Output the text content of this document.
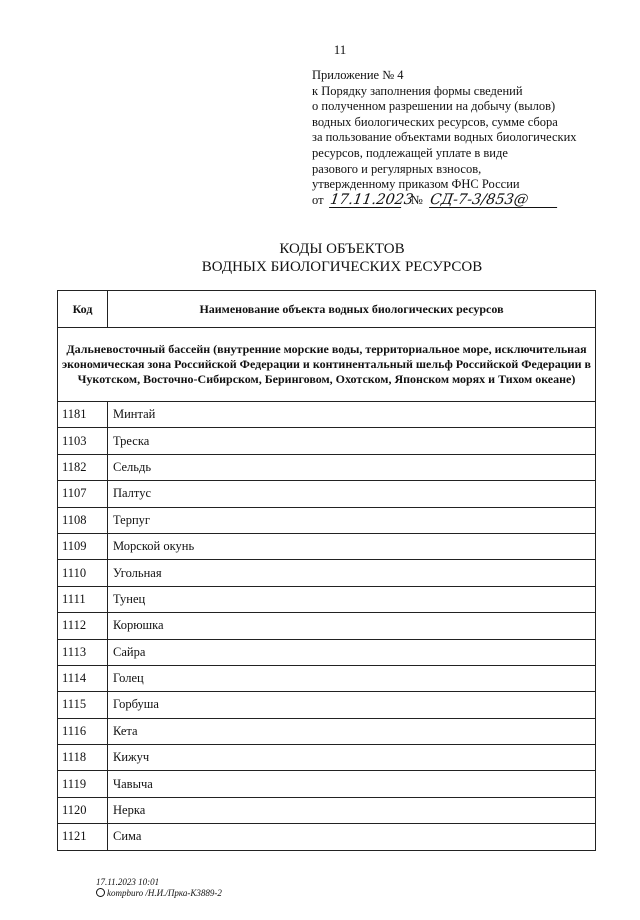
11
Приложение № 4
к Порядку заполнения формы сведений
о полученном разрешении на добычу (вылов)
водных биологических ресурсов, сумме сбора
за пользование объектами водных биологических
ресурсов, подлежащей уплате в виде
разового и регулярных взносов,
утвержденному приказом ФНС России
от 17.11.2023 № СД-7-3/853@
КОДЫ ОБЪЕКТОВ
ВОДНЫХ БИОЛОГИЧЕСКИХ РЕСУРСОВ
Код	Наименование объекта водных биологических ресурсов
Дальневосточный бассейн (внутренние морские воды, территориальное море, исключительная экономическая зона Российской Федерации и континентальный шельф Российской Федерации в Чукотском, Восточно-Сибирском, Беринговом, Охотском, Японском морях и Тихом океане)	
1181	Минтай
1103	Треска
1182	Сельдь
1107	Палтус
1108	Терпуг
1109	Морской окунь
1110	Угольная
1111	Тунец
1112	Корюшка
1113	Сайра
1114	Голец
1115	Горбуша
1116	Кета
1118	Кижуч
1119	Чавыча
1120	Нерка
1121	Сима
17.11.2023 10:01
kompburo /Н.И./Прка-К3889-2
